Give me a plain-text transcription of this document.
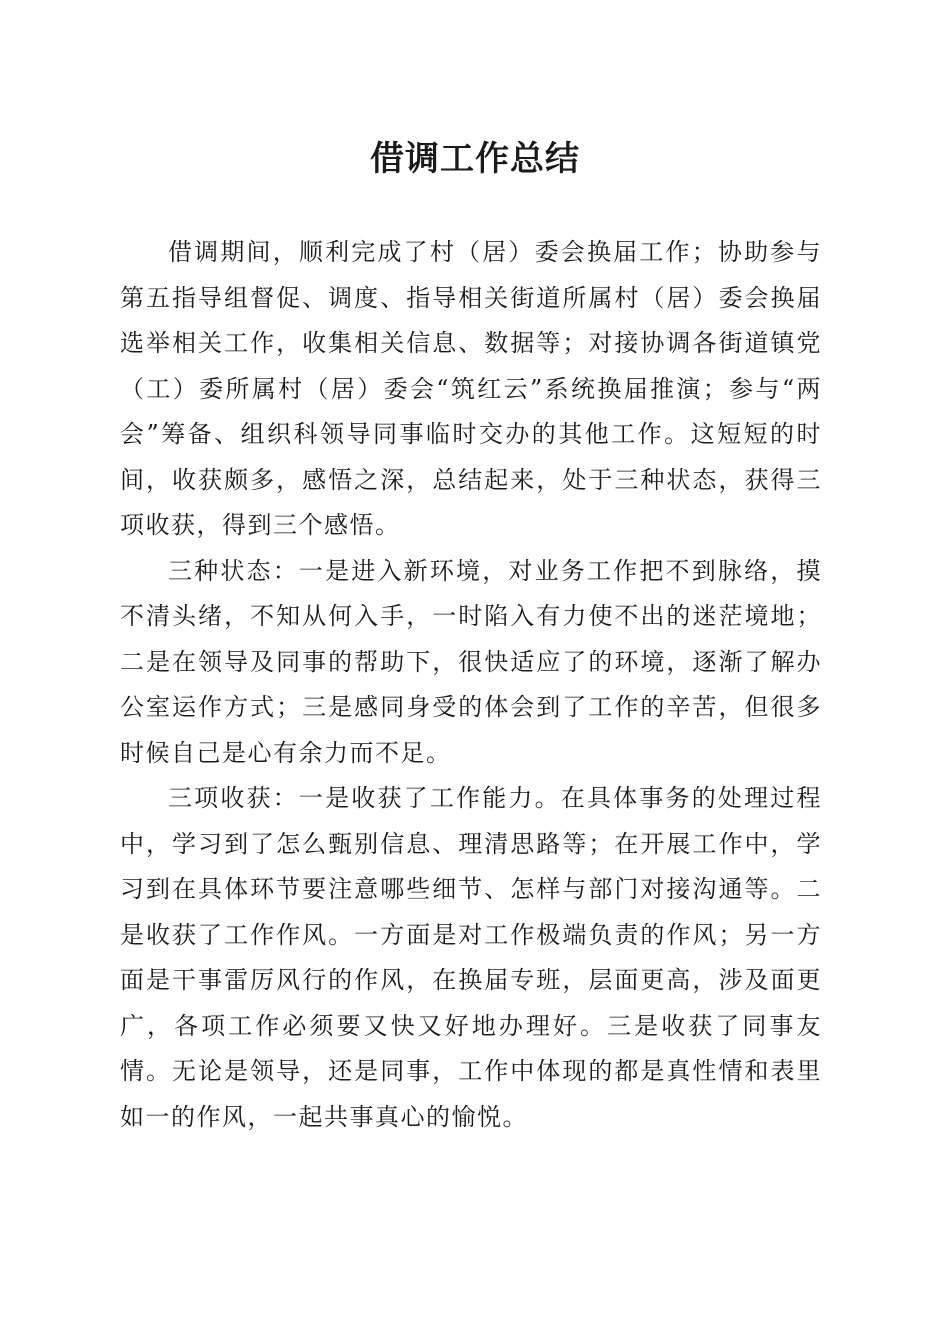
借调工作总结

借调期间，顺利完成了村（居）委会换届工作；协助参与第五指导组督促、调度、指导相关街道所属村（居）委会换届选举相关工作，收集相关信息、数据等；对接协调各街道镇党（工）委所属村（居）委会“筑红云”系统换届推演；参与“两会”筹备、组织科领导同事临时交办的其他工作。这短短的时间，收获颇多，感悟之深，总结起来，处于三种状态，获得三项收获，得到三个感悟。

三种状态：一是进入新环境，对业务工作把不到脉络，摸不清头绪，不知从何入手，一时陷入有力使不出的迷茫境地；二是在领导及同事的帮助下，很快适应了的环境，逐渐了解办公室运作方式；三是感同身受的体会到了工作的辛苦，但很多时候自己是心有余力而不足。

三项收获：一是收获了工作能力。在具体事务的处理过程中，学习到了怎么甄别信息、理清思路等；在开展工作中，学习到在具体环节要注意哪些细节、怎样与部门对接沟通等。二是收获了工作作风。一方面是对工作极端负责的作风；另一方面是干事雷厉风行的作风，在换届专班，层面更高，涉及面更广，各项工作必须要又快又好地办理好。三是收获了同事友情。无论是领导，还是同事，工作中体现的都是真性情和表里如一的作风，一起共事真心的愉悦。
